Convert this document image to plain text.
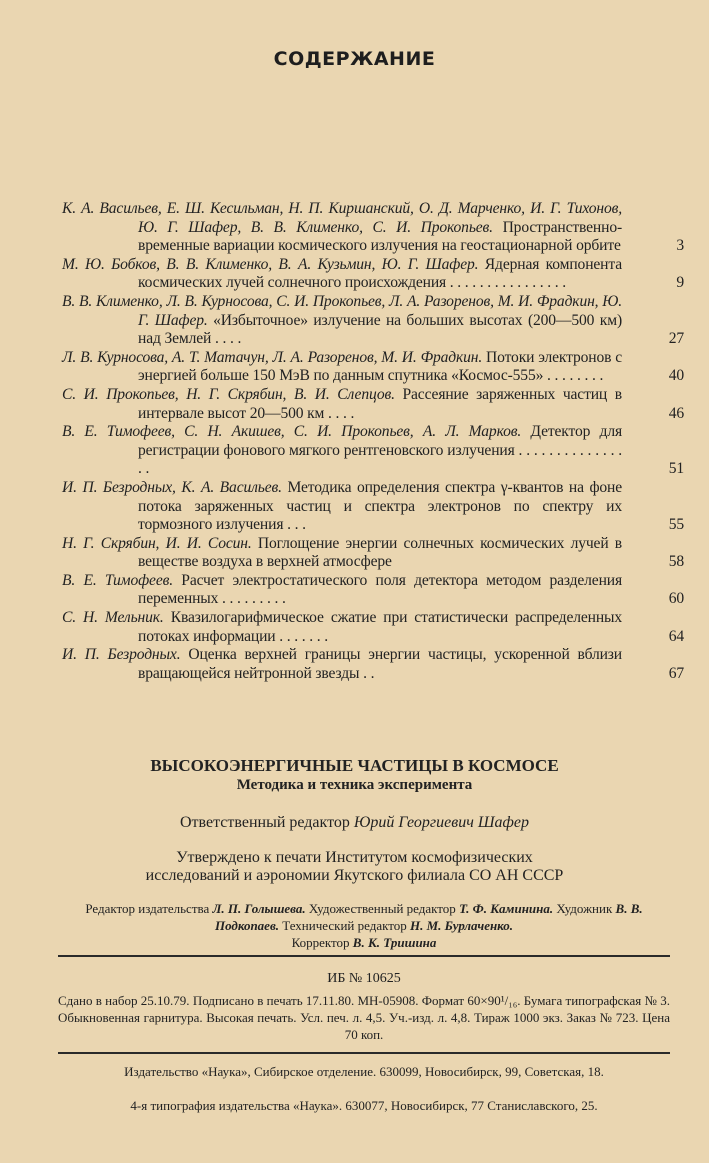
СОДЕРЖАНИЕ
К. А. Васильев, Е. Ш. Кесильман, Н. П. Киршанский, О. Д. Марченко, И. Г. Тихонов, Ю. Г. Шафер, В. В. Клименко, С. И. Прокопьев. Пространственно-временные вариации космического излучения на геостационарной орбите	3
М. Ю. Бобков, В. В. Клименко, В. А. Кузьмин, Ю. Г. Шафер. Ядерная компонента космических лучей солнечного происхождения . . . . . . . . . . . . . . . .	9
В. В. Клименко, Л. В. Курносова, С. И. Прокопьев, Л. А. Разоренов, М. И. Фрадкин, Ю. Г. Шафер. «Избыточное» излучение на больших высотах (200—500 км) над Землей . . . .	27
Л. В. Курносова, А. Т. Матачун, Л. А. Разоренов, М. И. Фрадкин. Потоки электронов с энергией больше 150 МэВ по данным спутника «Космос-555» . . . . . . . .	40
С. И. Прокопьев, Н. Г. Скрябин, В. И. Слепцов. Рассеяние заряженных частиц в интервале высот 20—500 км . . . .	46
В. Е. Тимофеев, С. Н. Акишев, С. И. Прокопьев, А. Л. Марков. Детектор для регистрации фонового мягкого рентгеновского излучения . . . . . . . . . . . . . . . .	51
И. П. Безродных, К. А. Васильев. Методика определения спектра γ-квантов на фоне потока заряженных частиц и спектра электронов по спектру их тормозного излучения . . .	55
Н. Г. Скрябин, И. И. Сосин. Поглощение энергии солнечных космических лучей в веществе воздуха в верхней атмосфере	58
В. Е. Тимофеев. Расчет электростатического поля детектора методом разделения переменных . . . . . . . . .	60
С. Н. Мельник. Квазилогарифмическое сжатие при статистически распределенных потоках информации . . . . . . .	64
И. П. Безродных. Оценка верхней границы энергии частицы, ускоренной вблизи вращающейся нейтронной звезды . .	67
ВЫСОКОЭНЕРГИЧНЫЕ ЧАСТИЦЫ В КОСМОСЕ
Методика и техника эксперимента
Ответственный редактор Юрий Георгиевич Шафер
Утверждено к печати Институтом космофизических
исследований и аэрономии Якутского филиала СО АН СССР
Редактор издательства Л. П. Голышева. Художественный редактор Т. Ф. Каминина. Художник В. В. Подкопаев. Технический редактор Н. М. Бурлаченко.
Корректор В. К. Тришина
ИБ № 10625
Сдано в набор 25.10.79. Подписано в печать 17.11.80. МН-05908. Формат 60×90¹/₁₆. Бумага типографская № 3. Обыкновенная гарнитура. Высокая печать. Усл. печ. л. 4,5. Уч.-изд. л. 4,8. Тираж 1000 экз. Заказ № 723. Цена 70 коп.
Издательство «Наука», Сибирское отделение. 630099, Новосибирск, 99, Советская, 18.
4-я типография издательства «Наука». 630077, Новосибирск, 77 Станиславского, 25.
